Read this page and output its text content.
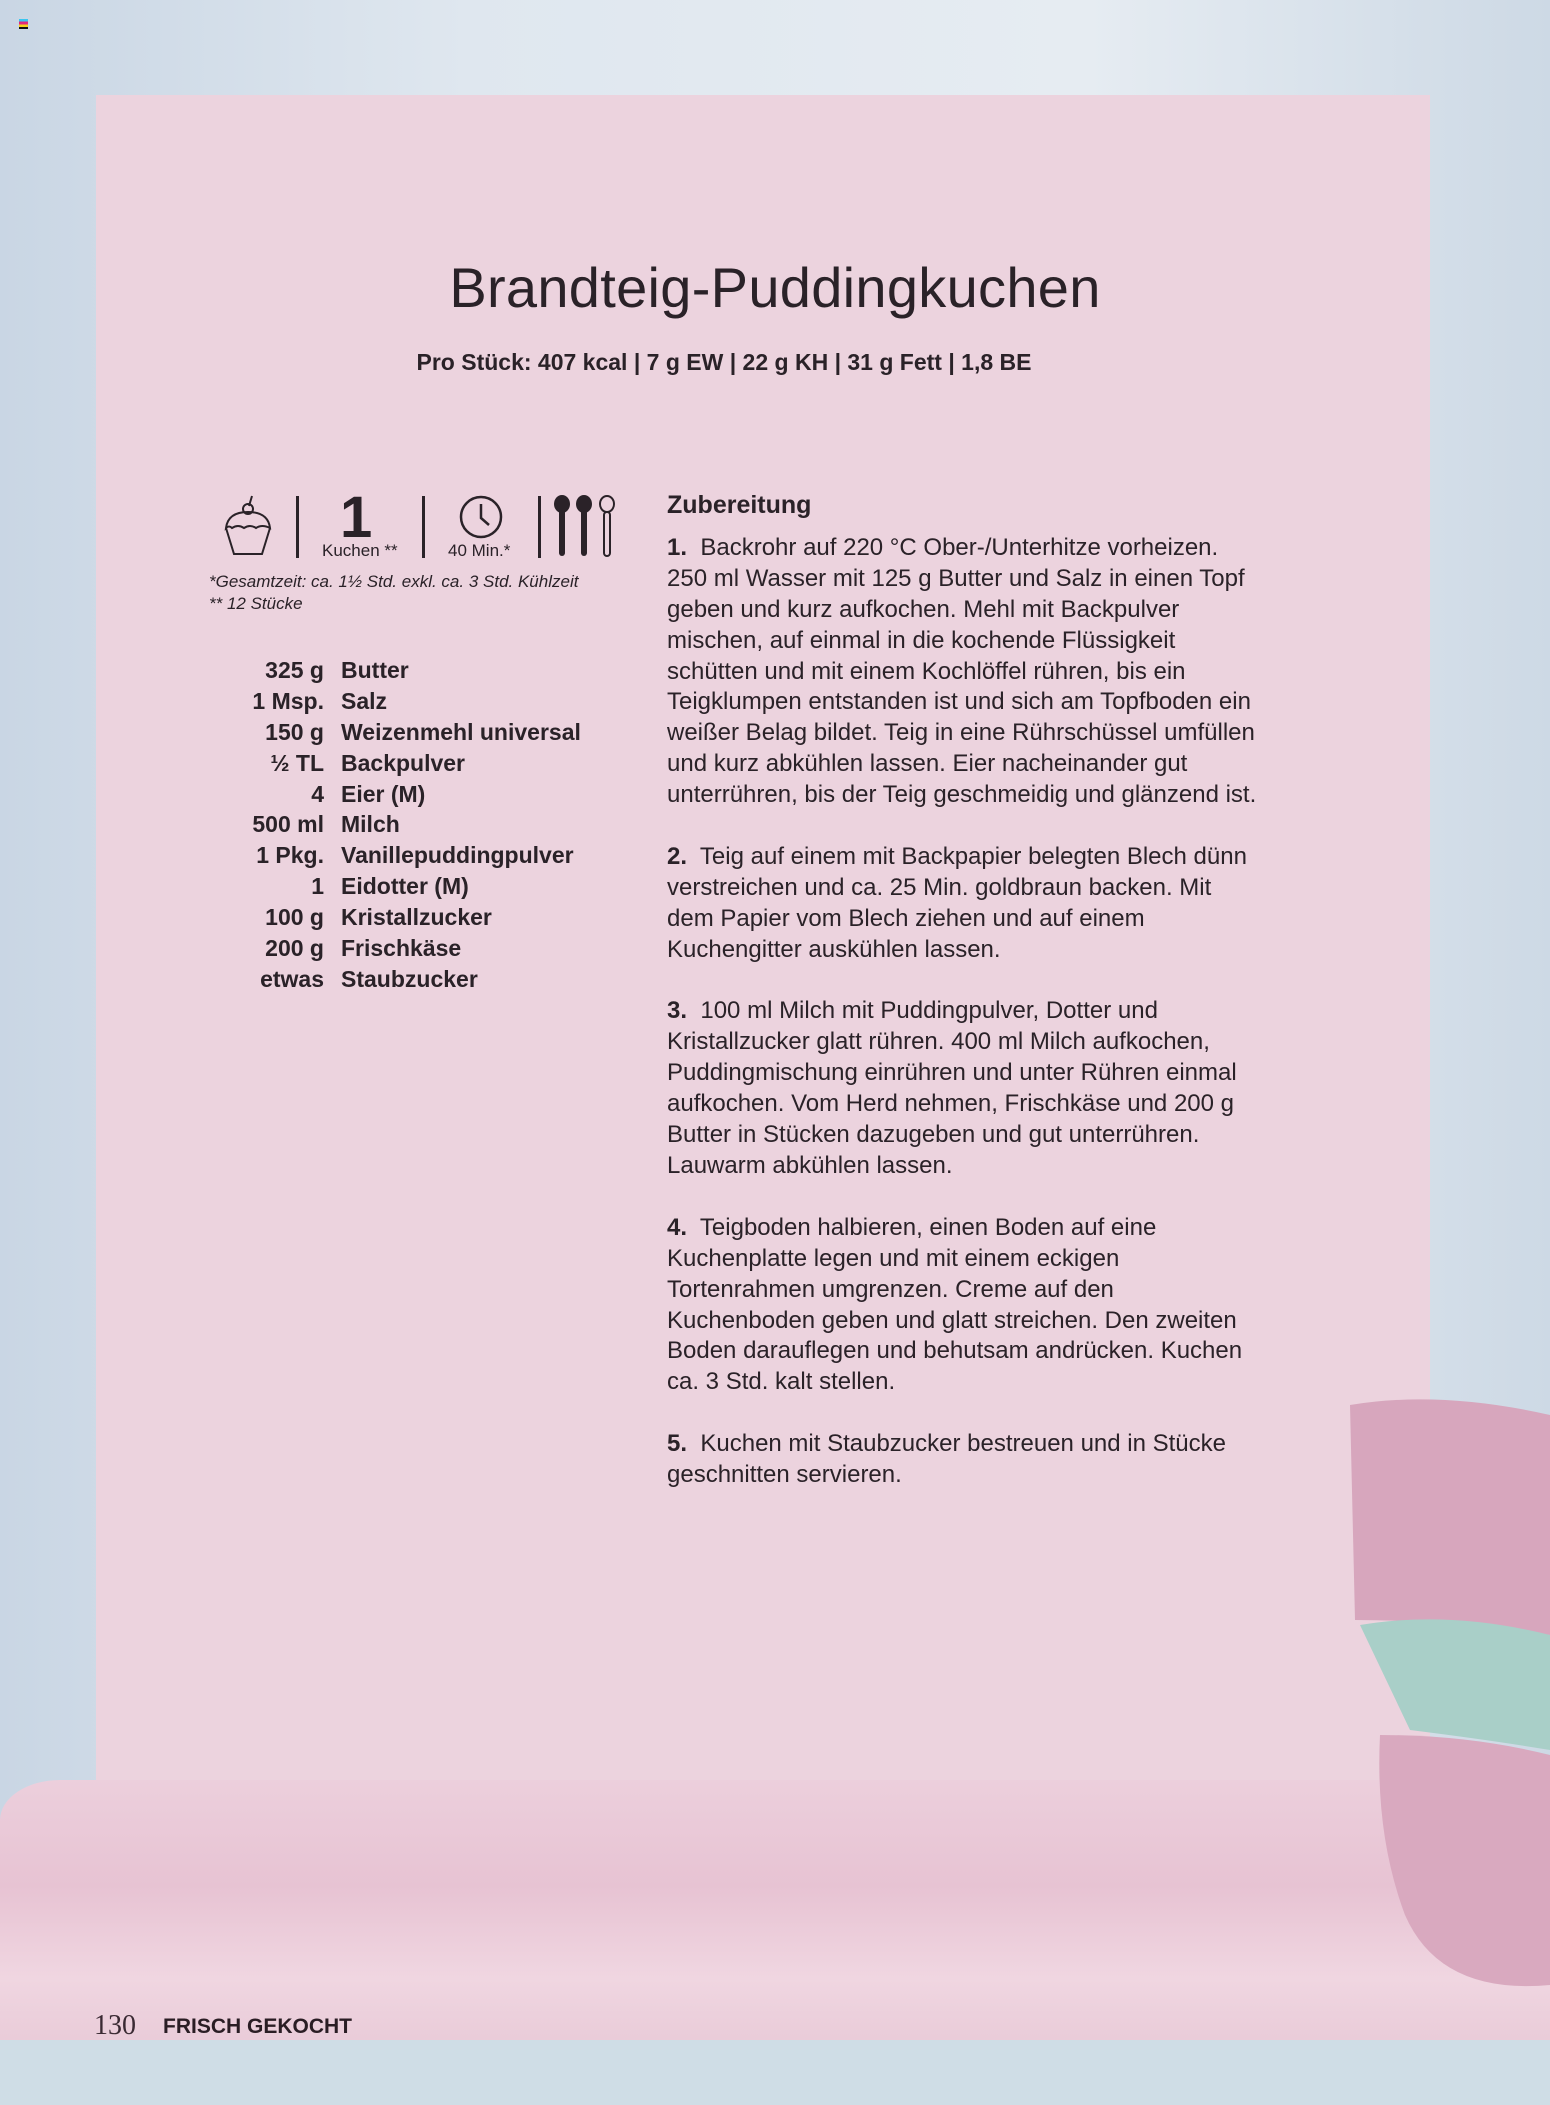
Brandteig-Puddingkuchen
Pro Stück: 407 kcal | 7 g EW | 22 g KH | 31 g Fett | 1,8 BE
1
Kuchen **	40 Min.*
*Gesamtzeit: ca. 1½ Std. exkl. ca. 3 Std. Kühlzeit
** 12 Stücke
325 g Butter
1 Msp. Salz
150 g Weizenmehl universal
½ TL Backpulver
4 Eier (M)
500 ml Milch
1 Pkg. Vanillepuddingpulver
1 Eidotter (M)
100 g Kristallzucker
200 g Frischkäse
etwas Staubzucker
Zubereitung

1. Backrohr auf 220 °C Ober-/Unterhitze vorheizen. 250 ml Wasser mit 125 g Butter und Salz in einen Topf geben und kurz aufkochen. Mehl mit Backpulver mischen, auf einmal in die kochende Flüssigkeit schütten und mit einem Kochlöffel rühren, bis ein Teigklumpen entstanden ist und sich am Topfboden ein weißer Belag bildet. Teig in eine Rührschüssel umfüllen und kurz abkühlen lassen. Eier nacheinander gut unterrühren, bis der Teig geschmeidig und glänzend ist.

2. Teig auf einem mit Backpapier belegten Blech dünn verstreichen und ca. 25 Min. goldbraun backen. Mit dem Papier vom Blech ziehen und auf einem Kuchengitter auskühlen lassen.

3. 100 ml Milch mit Puddingpulver, Dotter und Kristallzucker glatt rühren. 400 ml Milch aufkochen, Puddingmischung einrühren und unter Rühren einmal aufkochen. Vom Herd nehmen, Frischkäse und 200 g Butter in Stücken dazugeben und gut unterrühren. Lauwarm abkühlen lassen.

4. Teigboden halbieren, einen Boden auf eine Kuchenplatte legen und mit einem eckigen Tortenrahmen umgrenzen. Creme auf den Kuchenboden geben und glatt streichen. Den zweiten Boden darauflegen und behutsam andrücken. Kuchen ca. 3 Std. kalt stellen.

5. Kuchen mit Staubzucker bestreuen und in Stücke geschnitten servieren.

130 FRISCH GEKOCHT
